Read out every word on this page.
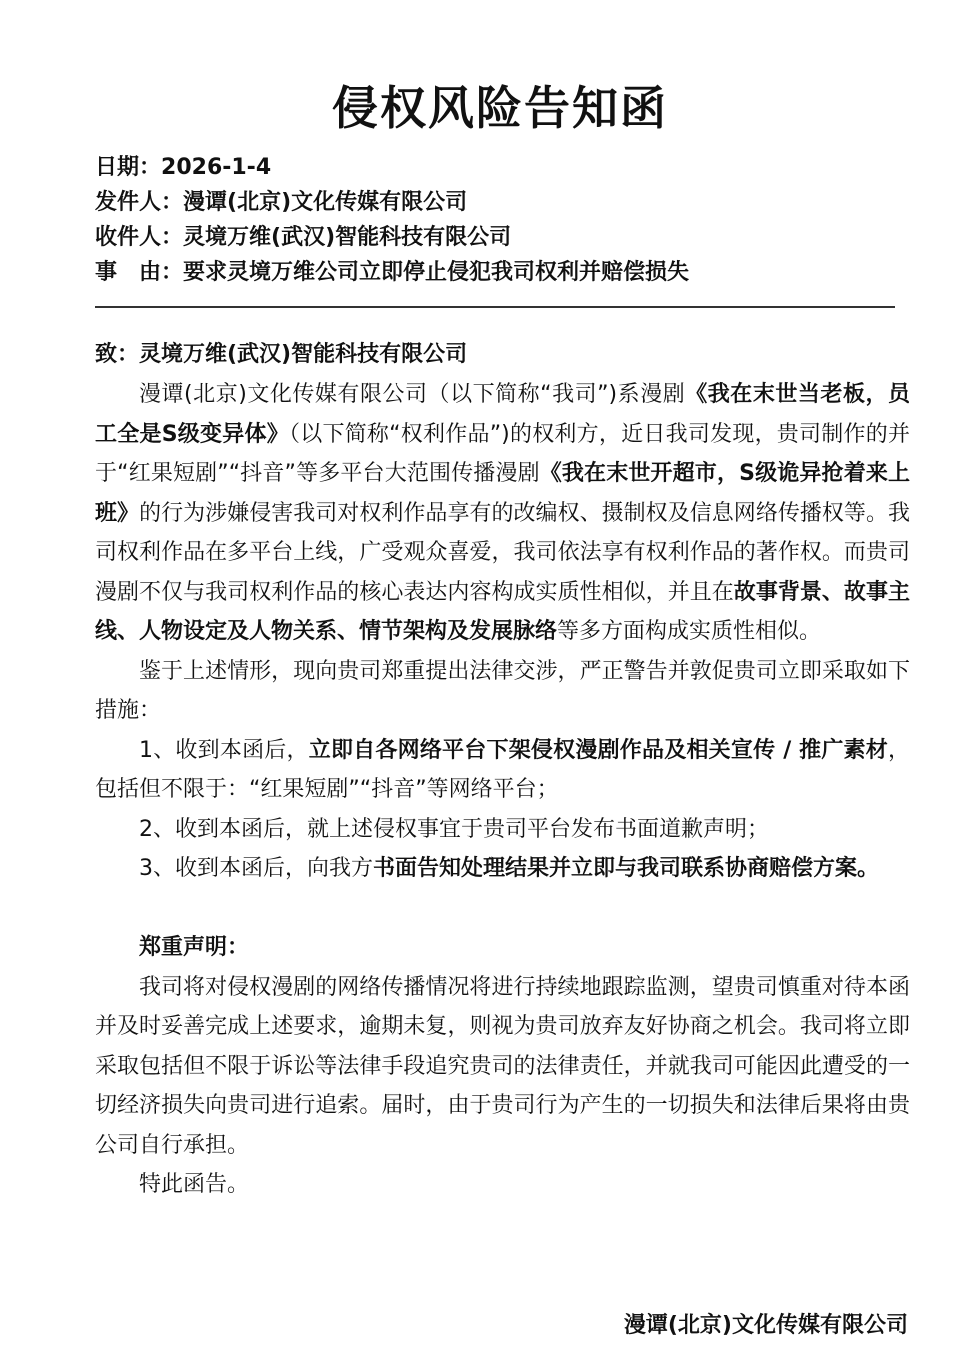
侵权风险告知函
日期：2026-1-4
发件人：漫谭(北京)文化传媒有限公司
收件人：灵境万维(武汉)智能科技有限公司
事　由：要求灵境万维公司立即停止侵犯我司权利并赔偿损失
致：灵境万维(武汉)智能科技有限公司

漫谭(北京)文化传媒有限公司（以下简称“我司”)系漫剧《我在末世当老板，员工全是S级变异体》（以下简称“权利作品”)的权利方，近日我司发现，贵司制作的并于“红果短剧”“抖音”等多平台大范围传播漫剧《我在末世开超市，S级诡异抢着来上班》的行为涉嫌侵害我司对权利作品享有的改编权、摄制权及信息网络传播权等。我司权利作品在多平台上线，广受观众喜爱，我司依法享有权利作品的著作权。而贵司漫剧不仅与我司权利作品的核心表达内容构成实质性相似，并且在故事背景、故事主线、人物设定及人物关系、情节架构及发展脉络等多方面构成实质性相似。

鉴于上述情形，现向贵司郑重提出法律交涉，严正警告并敦促贵司立即采取如下措施：

1、收到本函后，立即自各网络平台下架侵权漫剧作品及相关宣传 / 推广素材，包括但不限于：“红果短剧”“抖音”等网络平台；

2、收到本函后，就上述侵权事宜于贵司平台发布书面道歉声明；

3、收到本函后，向我方书面告知处理结果并立即与我司联系协商赔偿方案。

郑重声明：

我司将对侵权漫剧的网络传播情况将进行持续地跟踪监测，望贵司慎重对待本函并及时妥善完成上述要求，逾期未复，则视为贵司放弃友好协商之机会。我司将立即采取包括但不限于诉讼等法律手段追究贵司的法律责任，并就我司可能因此遭受的一切经济损失向贵司进行追索。届时，由于贵司行为产生的一切损失和法律后果将由贵公司自行承担。

特此函告。

漫谭(北京)文化传媒有限公司
